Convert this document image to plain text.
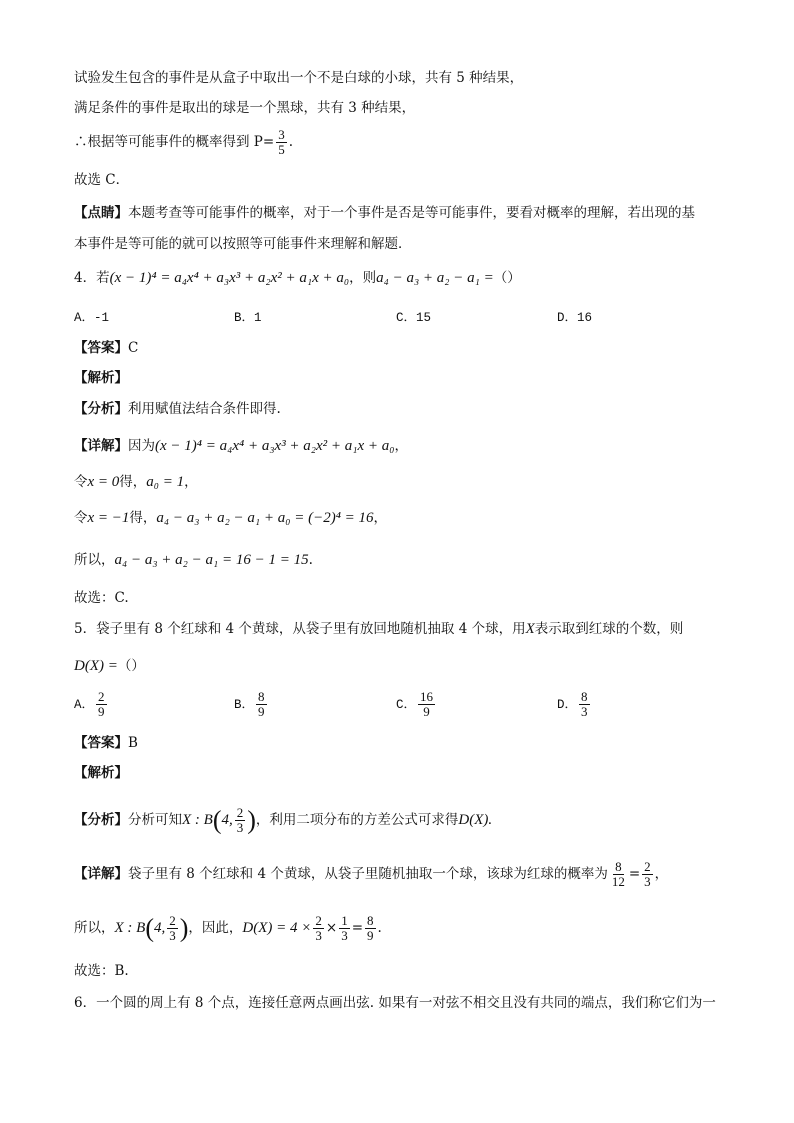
试验发生包含的事件是从盒子中取出一个不是白球的小球，共有 5 种结果，
满足条件的事件是取出的球是一个黑球，共有 3 种结果，
∴根据等可能事件的概率得到 $P= \frac{3}{5}$ .
故选 C．
【点睛】本题考查等可能事件的概率，对于一个事件是否是等可能事件，要看对概率的理解，若出现的基
本事件是等可能的就可以按照等可能事件来理解和解题．
4．若(x − 1)⁴ = a₄x⁴ + a₃x³ + a₂x² + a₁x + a₀，则a₄ − a₃ + a₂ − a₁ =（）
A．-1	B．1	C．15	D．16
【答案】C
【解析】
【分析】利用赋值法结合条件即得.
【详解】因为(x − 1)⁴ = a₄x⁴ + a₃x³ + a₂x² + a₁x + a₀，
令x = 0得，a₀ = 1，
令x = −1得，a₄ − a₃ + a₂ − a₁ + a₀ = (−2)⁴ = 16，
所以，a₄ − a₃ + a₂ − a₁ = 16 − 1 = 15.
故选：C.
5．袋子里有 8 个红球和 4 个黄球，从袋子里有放回地随机抽取 4 个球，用X表示取到红球的个数，则
D(X) =（）
A． $\frac{2}{9}$	B． $\frac{8}{9}$	C． $\frac{16}{9}$	D． $\frac{8}{3}$
【答案】B
【解析】
【分析】分析可知X : B(4, $\frac{2}{3}$ )，利用二项分布的方差公式可求得D(X).
【详解】袋子里有 8 个红球和 4 个黄球，从袋子里随机抽取一个球，该球为红球的概率为 $\frac{8}{12} = \frac{2}{3}$ ，
所以，X : B(4, $\frac{2}{3}$ )，因此，$D(X) = 4 \times \frac{2}{3} \times \frac{1}{3} = \frac{8}{9}$ .
故选：B.
6．一个圆的周上有 8 个点，连接任意两点画出弦. 如果有一对弦不相交且没有共同的端点，我们称它们为一
